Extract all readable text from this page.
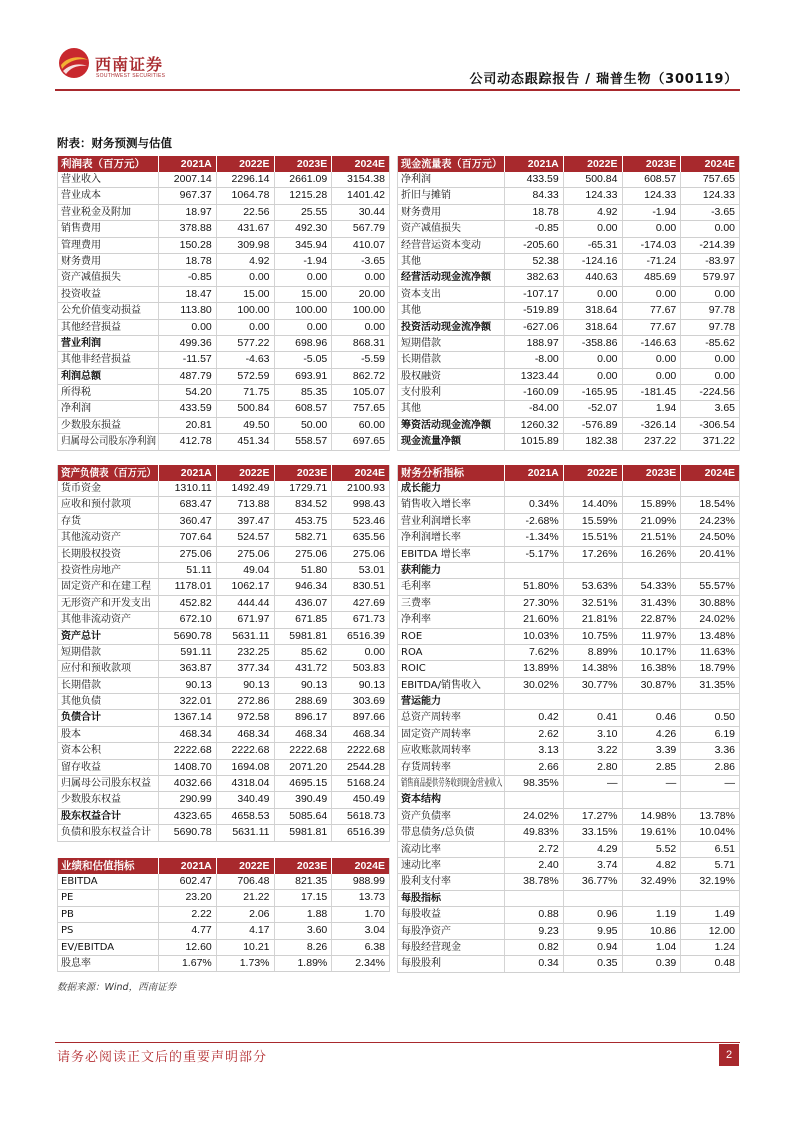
西南证券
SOUTHWEST SECURITIES	公司动态跟踪报告 / 瑞普生物（300119）
附表：财务预测与估值
利润表（百万元）	2021A	2022E	2023E	2024E
营业收入	2007.14	2296.14	2661.09	3154.38
营业成本	967.37	1064.78	1215.28	1401.42
营业税金及附加	18.97	22.56	25.55	30.44
销售费用	378.88	431.67	492.30	567.79
管理费用	150.28	309.98	345.94	410.07
财务费用	18.78	4.92	-1.94	-3.65
资产减值损失	-0.85	0.00	0.00	0.00
投资收益	18.47	15.00	15.00	20.00
公允价值变动损益	113.80	100.00	100.00	100.00
其他经营损益	0.00	0.00	0.00	0.00
营业利润	499.36	577.22	698.96	868.31
其他非经营损益	-11.57	-4.63	-5.05	-5.59
利润总额	487.79	572.59	693.91	862.72
所得税	54.20	71.75	85.35	105.07
净利润	433.59	500.84	608.57	757.65
少数股东损益	20.81	49.50	50.00	60.00
归属母公司股东净利润	412.78	451.34	558.57	697.65
现金流量表（百万元）	2021A	2022E	2023E	2024E
净利润	433.59	500.84	608.57	757.65
折旧与摊销	84.33	124.33	124.33	124.33
财务费用	18.78	4.92	-1.94	-3.65
资产减值损失	-0.85	0.00	0.00	0.00
经营营运资本变动	-205.60	-65.31	-174.03	-214.39
其他	52.38	-124.16	-71.24	-83.97
经营活动现金流净额	382.63	440.63	485.69	579.97
资本支出	-107.17	0.00	0.00	0.00
其他	-519.89	318.64	77.67	97.78
投资活动现金流净额	-627.06	318.64	77.67	97.78
短期借款	188.97	-358.86	-146.63	-85.62
长期借款	-8.00	0.00	0.00	0.00
股权融资	1323.44	0.00	0.00	0.00
支付股利	-160.09	-165.95	-181.45	-224.56
其他	-84.00	-52.07	1.94	3.65
筹资活动现金流净额	1260.32	-576.89	-326.14	-306.54
现金流量净额	1015.89	182.38	237.22	371.22
资产负债表（百万元）	2021A	2022E	2023E	2024E
货币资金	1310.11	1492.49	1729.71	2100.93
应收和预付款项	683.47	713.88	834.52	998.43
存货	360.47	397.47	453.75	523.46
其他流动资产	707.64	524.57	582.71	635.56
长期股权投资	275.06	275.06	275.06	275.06
投资性房地产	51.11	49.04	51.80	53.01
固定资产和在建工程	1178.01	1062.17	946.34	830.51
无形资产和开发支出	452.82	444.44	436.07	427.69
其他非流动资产	672.10	671.97	671.85	671.73
资产总计	5690.78	5631.11	5981.81	6516.39
短期借款	591.11	232.25	85.62	0.00
应付和预收款项	363.87	377.34	431.72	503.83
长期借款	90.13	90.13	90.13	90.13
其他负债	322.01	272.86	288.69	303.69
负债合计	1367.14	972.58	896.17	897.66
股本	468.34	468.34	468.34	468.34
资本公积	2222.68	2222.68	2222.68	2222.68
留存收益	1408.70	1694.08	2071.20	2544.28
归属母公司股东权益	4032.66	4318.04	4695.15	5168.24
少数股东权益	290.99	340.49	390.49	450.49
股东权益合计	4323.65	4658.53	5085.64	5618.73
负债和股东权益合计	5690.78	5631.11	5981.81	6516.39
财务分析指标	2021A	2022E	2023E	2024E
成长能力
销售收入增长率	0.34%	14.40%	15.89%	18.54%
营业利润增长率	-2.68%	15.59%	21.09%	24.23%
净利润增长率	-1.34%	15.51%	21.51%	24.50%
EBITDA 增长率	-5.17%	17.26%	16.26%	20.41%
获利能力
毛利率	51.80%	53.63%	54.33%	55.57%
三费率	27.30%	32.51%	31.43%	30.88%
净利率	21.60%	21.81%	22.87%	24.02%
ROE	10.03%	10.75%	11.97%	13.48%
ROA	7.62%	8.89%	10.17%	11.63%
ROIC	13.89%	14.38%	16.38%	18.79%
EBITDA/销售收入	30.02%	30.77%	30.87%	31.35%
营运能力
总资产周转率	0.42	0.41	0.46	0.50
固定资产周转率	2.62	3.10	4.26	6.19
应收账款周转率	3.13	3.22	3.39	3.36
存货周转率	2.66	2.80	2.85	2.86
销售商品提供劳务收到现金/营业收入	98.35%	—	—	—
资本结构
资产负债率	24.02%	17.27%	14.98%	13.78%
带息债务/总负债	49.83%	33.15%	19.61%	10.04%
流动比率	2.72	4.29	5.52	6.51
速动比率	2.40	3.74	4.82	5.71
股利支付率	38.78%	36.77%	32.49%	32.19%
每股指标
每股收益	0.88	0.96	1.19	1.49
每股净资产	9.23	9.95	10.86	12.00
每股经营现金	0.82	0.94	1.04	1.24
每股股利	0.34	0.35	0.39	0.48
业绩和估值指标	2021A	2022E	2023E	2024E
EBITDA	602.47	706.48	821.35	988.99
PE	23.20	21.22	17.15	13.73
PB	2.22	2.06	1.88	1.70
PS	4.77	4.17	3.60	3.04
EV/EBITDA	12.60	10.21	8.26	6.38
股息率	1.67%	1.73%	1.89%	2.34%
数据来源：Wind，西南证券
请务必阅读正文后的重要声明部分	2
